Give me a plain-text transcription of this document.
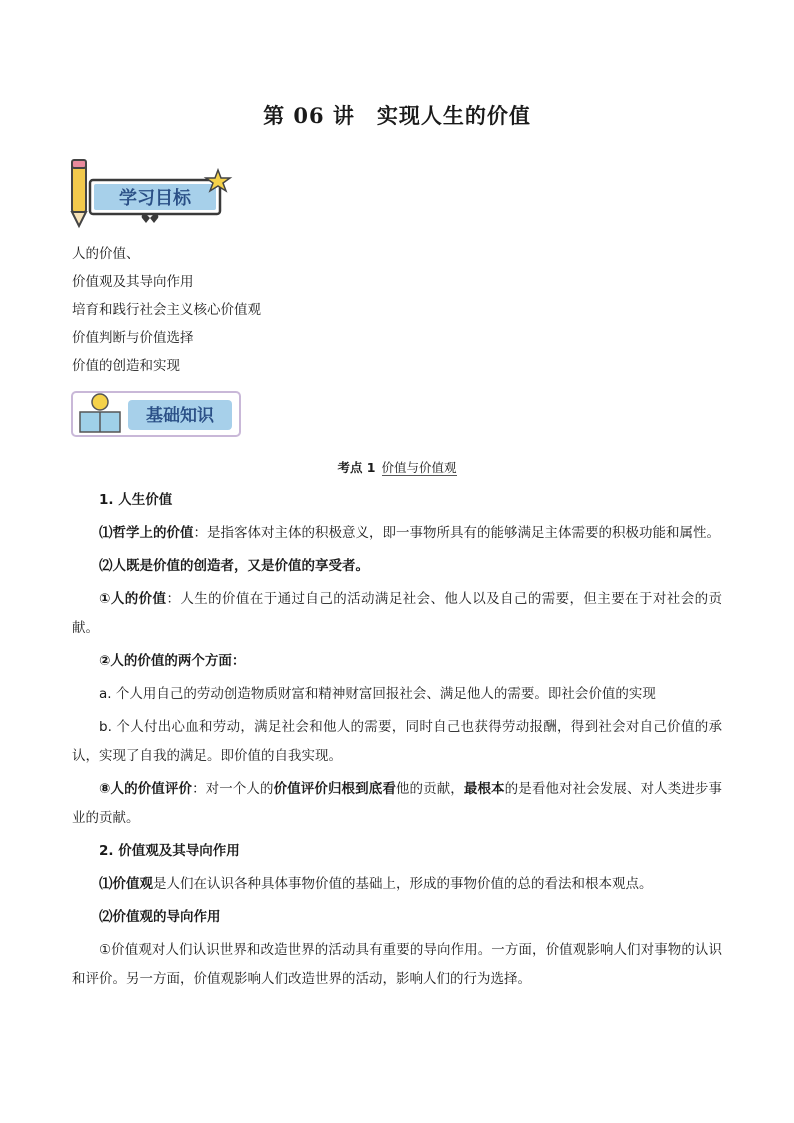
第 06 讲 实现人生的价值
学习目标
人的价值、
价值观及其导向作用
培育和践行社会主义核心价值观
价值判断与价值选择
价值的创造和实现
基础知识
考点 1 价值与价值观

1. 人生价值

⑴哲学上的价值：是指客体对主体的积极意义，即一事物所具有的能够满足主体需要的积极功能和属性。

⑵人既是价值的创造者，又是价值的享受者。

①人的价值：人生的价值在于通过自己的活动满足社会、他人以及自己的需要，但主要在于对社会的贡献。

②人的价值的两个方面：

a. 个人用自己的劳动创造物质财富和精神财富回报社会、满足他人的需要。即社会价值的实现

b. 个人付出心血和劳动，满足社会和他人的需要，同时自己也获得劳动报酬，得到社会对自己价值的承认，实现了自我的满足。即价值的自我实现。

⑧人的价值评价：对一个人的价值评价归根到底看他的贡献，最根本的是看他对社会发展、对人类进步事业的贡献。

2. 价值观及其导向作用

⑴价值观是人们在认识各种具体事物价值的基础上，形成的事物价值的总的看法和根本观点。

⑵价值观的导向作用

①价值观对人们认识世界和改造世界的活动具有重要的导向作用。一方面，价值观影响人们对事物的认识和评价。另一方面，价值观影响人们改造世界的活动，影响人们的行为选择。
